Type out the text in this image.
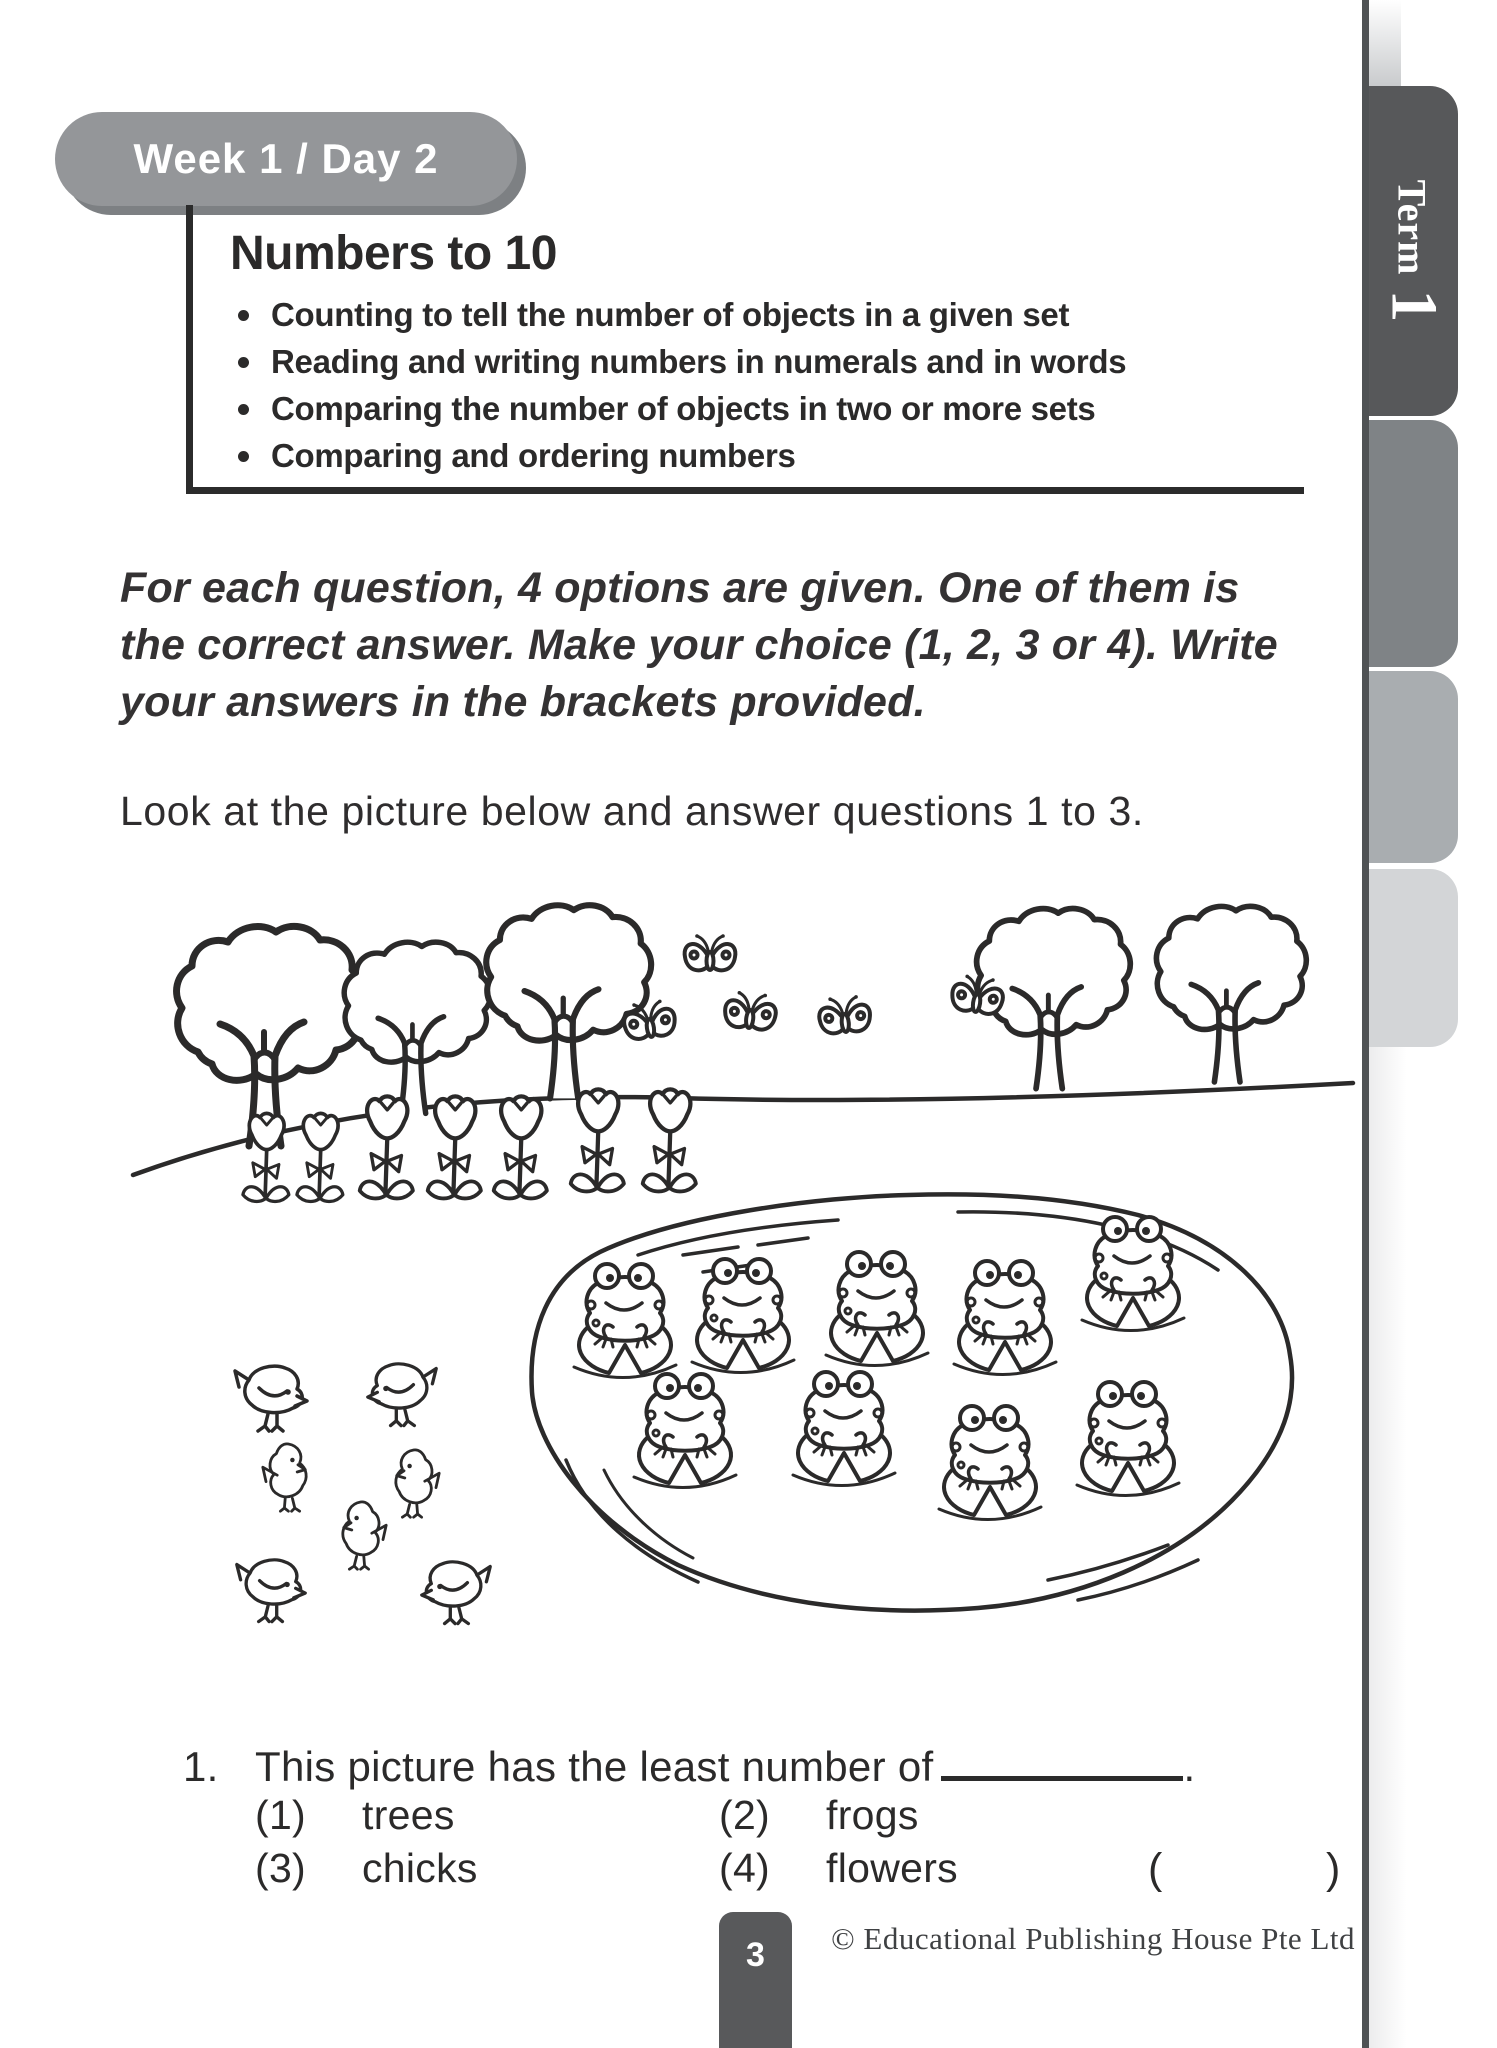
Week 1 / Day 2
Numbers to 10
Counting to tell the number of objects in a given set
Reading and writing numbers in numerals and in words
Comparing the number of objects in two or more sets
Comparing and ordering numbers
For each question, 4 options are given. One of them is
the correct answer. Make your choice (1, 2, 3 or 4). Write
your answers in the brackets provided.
Look at the picture below and answer questions 1 to 3.
1. This picture has the least number of	.
(1) trees	(2) frogs
(3) chicks	(4) flowers	(	)
3 © Educational Publishing House Pte Ltd
Term1
